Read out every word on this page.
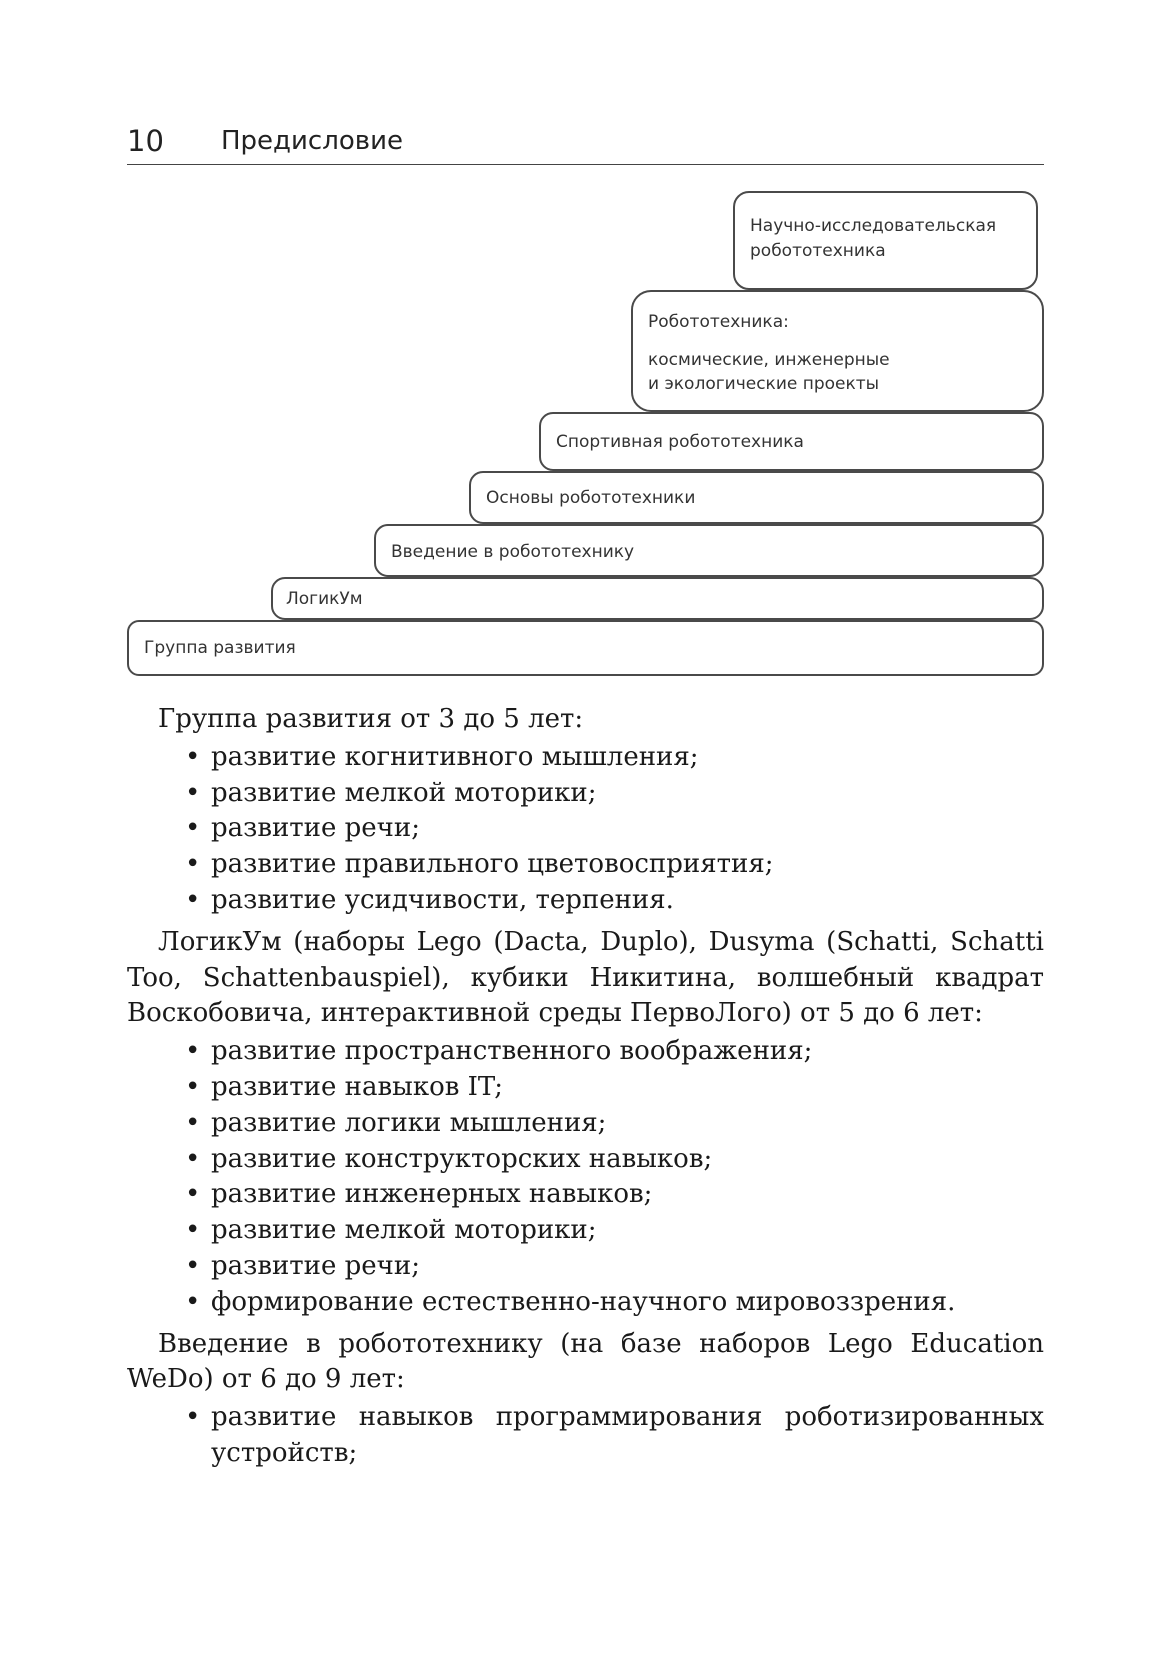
10 Предисловие
Научно-исследовательская
робототехника
Робототехника:
космические, инженерные
и экологические проекты
Спортивная робототехника
Основы робототехники
Введение в робототехнику
ЛогикУм
Группа развития

Группа развития от 3 до 5 лет:

• развитие когнитивного мышления;
• развитие мелкой моторики;
• развитие речи;
• развитие правильного цветовосприятия;
• развитие усидчивости, терпения.

ЛогикУм (наборы Lego (Dacta, Duplo), Dusyma (Schatti, Schatti Too, Schattenbauspiel), кубики Никитина, волшебный квадрат Воскобовича, интерактивной среды ПервоЛого) от 5 до 6 лет:

• развитие пространственного воображения;
• развитие навыков IT;
• развитие логики мышления;
• развитие конструкторских навыков;
• развитие инженерных навыков;
• развитие мелкой моторики;
• развитие речи;
• формирование естественно-научного мировоззрения.

Введение в робототехнику (на базе наборов Lego Education WeDo) от 6 до 9 лет:

• развитие навыков программирования роботизированных
устройств;
